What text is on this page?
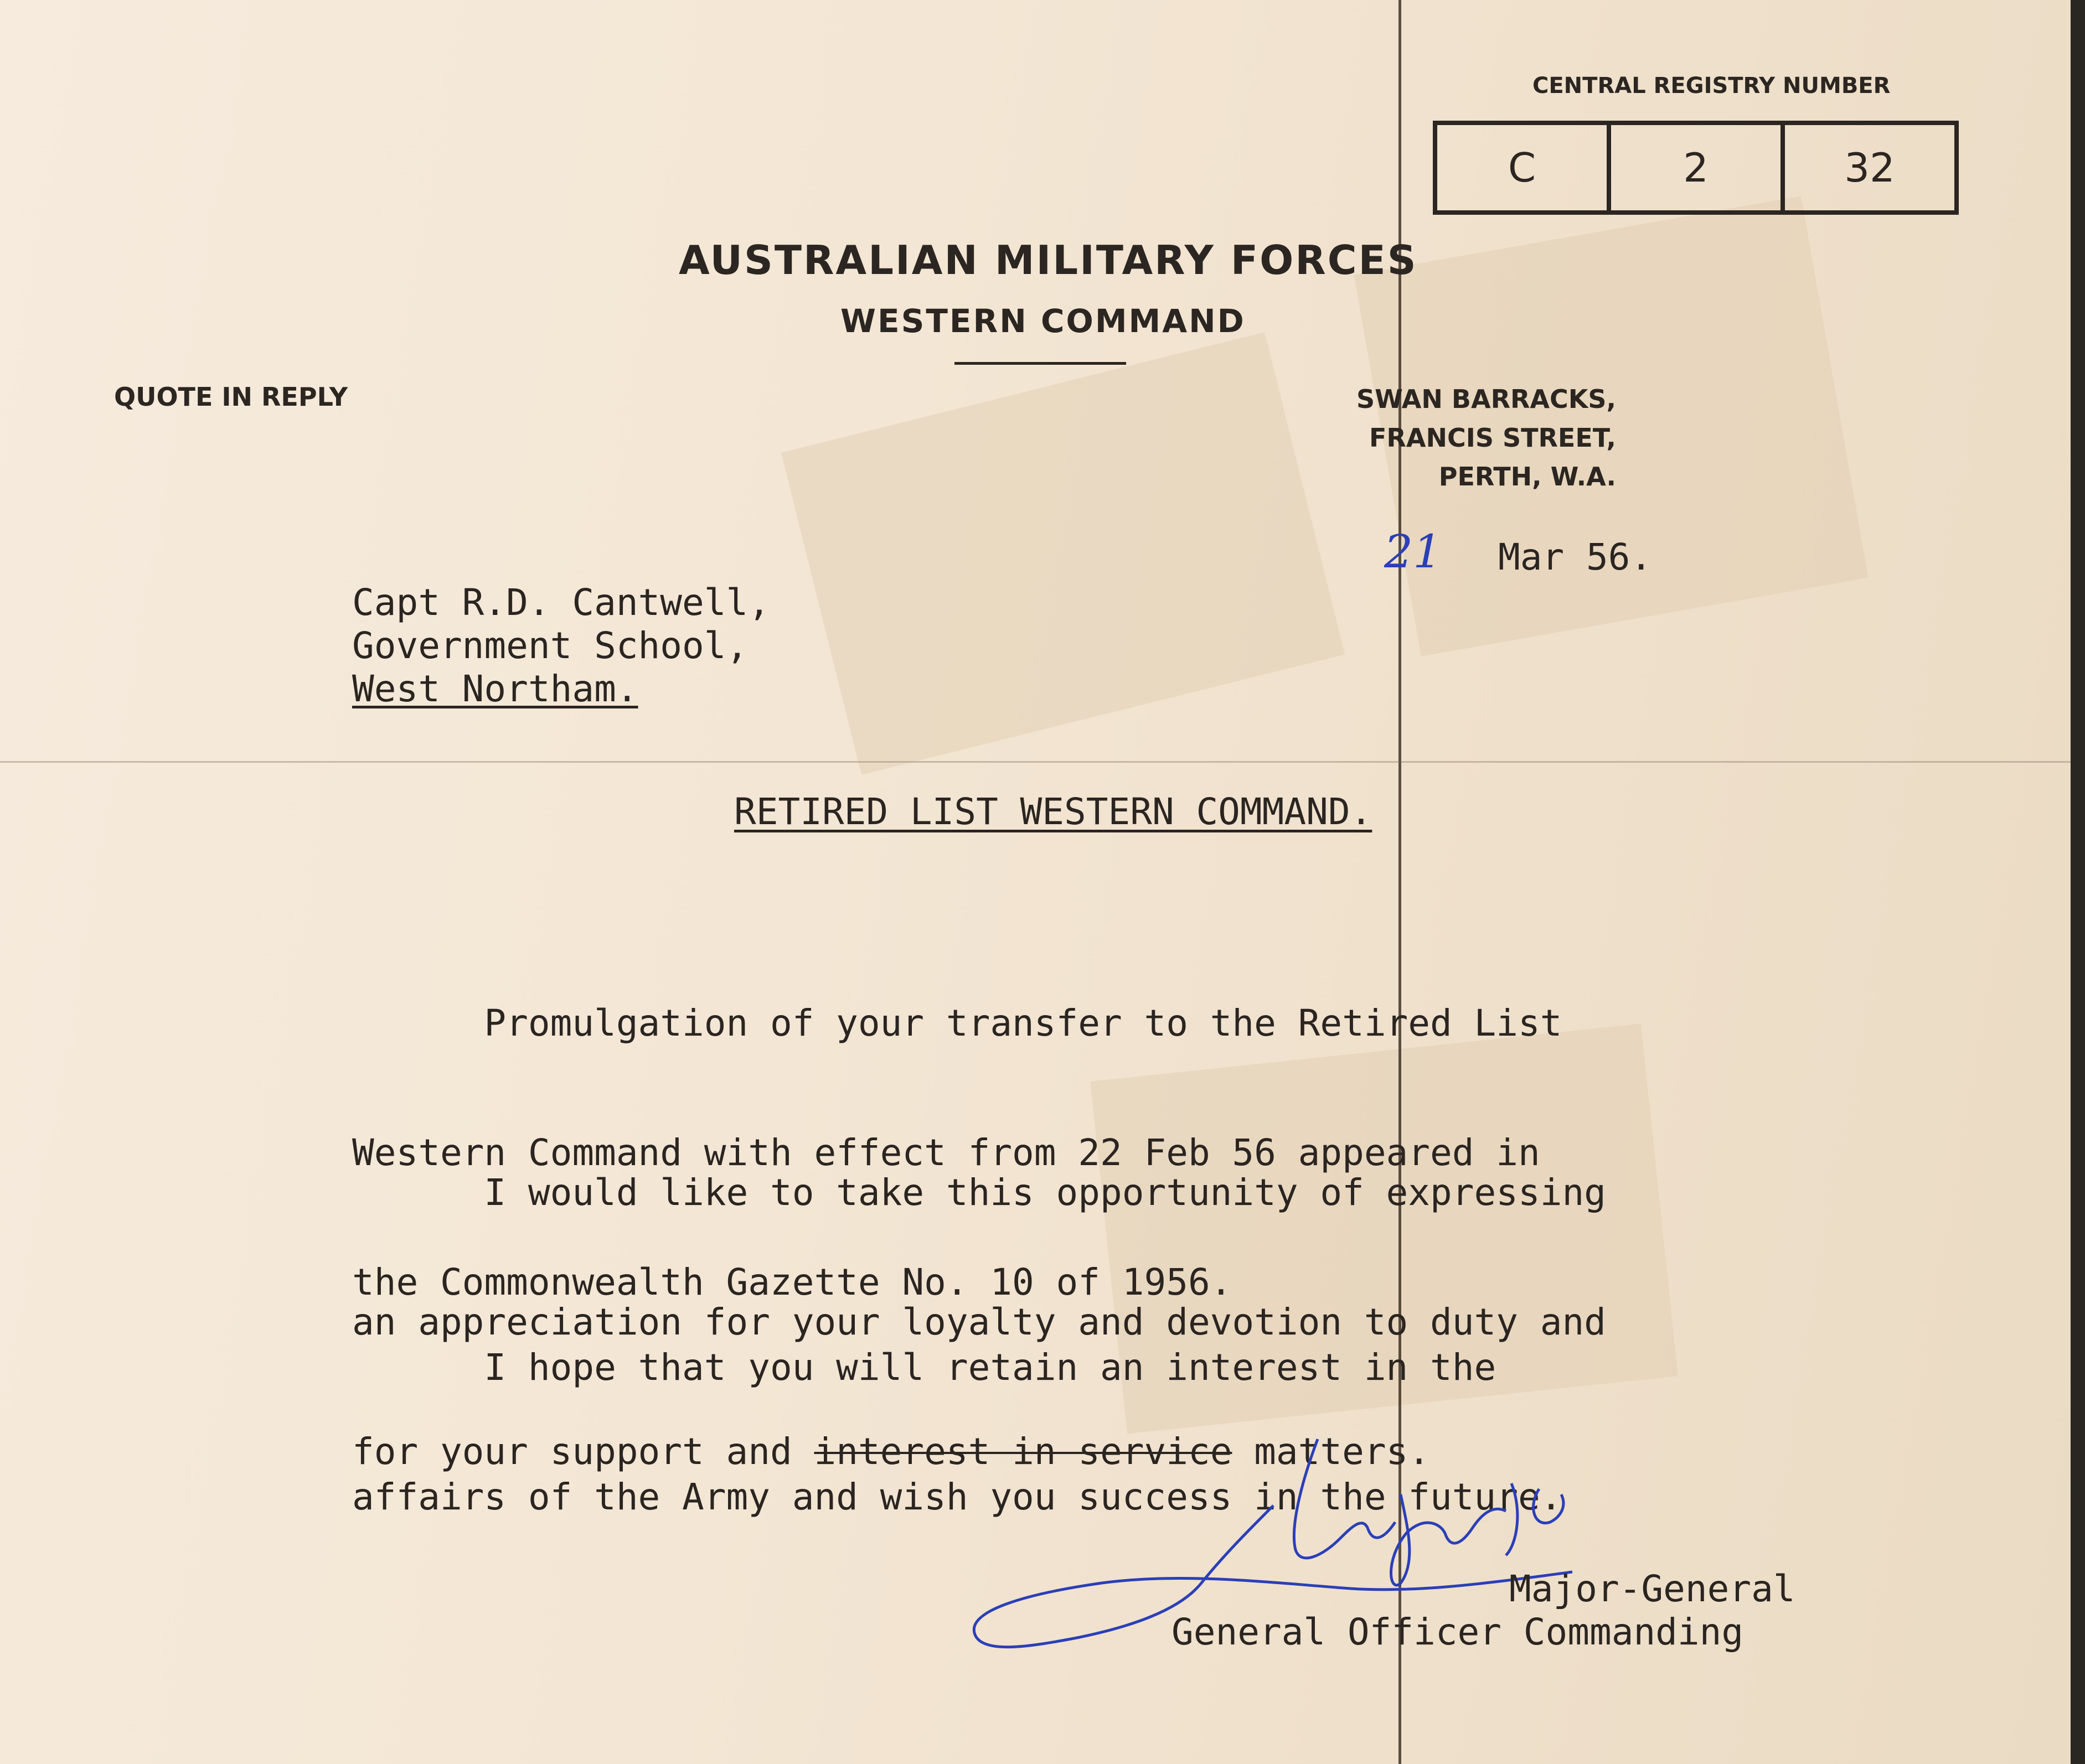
CENTRAL REGISTRY NUMBER
C	2	32
AUSTRALIAN MILITARY FORCES
WESTERN COMMAND
QUOTE IN REPLY	SWAN BARRACKS,
FRANCIS STREET,
PERTH, W.A.
21 Mar 56.
Capt R.D. Cantwell,
Government School,
West Northam.
RETIRED LIST WESTERN COMMAND.

Promulgation of your transfer to the Retired List

Western Command with effect from 22 Feb 56 appeared in

the Commonwealth Gazette No. 10 of 1956.

I would like to take this opportunity of expressing

an appreciation for your loyalty and devotion to duty and

for your support and interest in service matters.

I hope that you will retain an interest in the

affairs of the Army and wish you success in the future.

Major-General
General Officer Commanding
